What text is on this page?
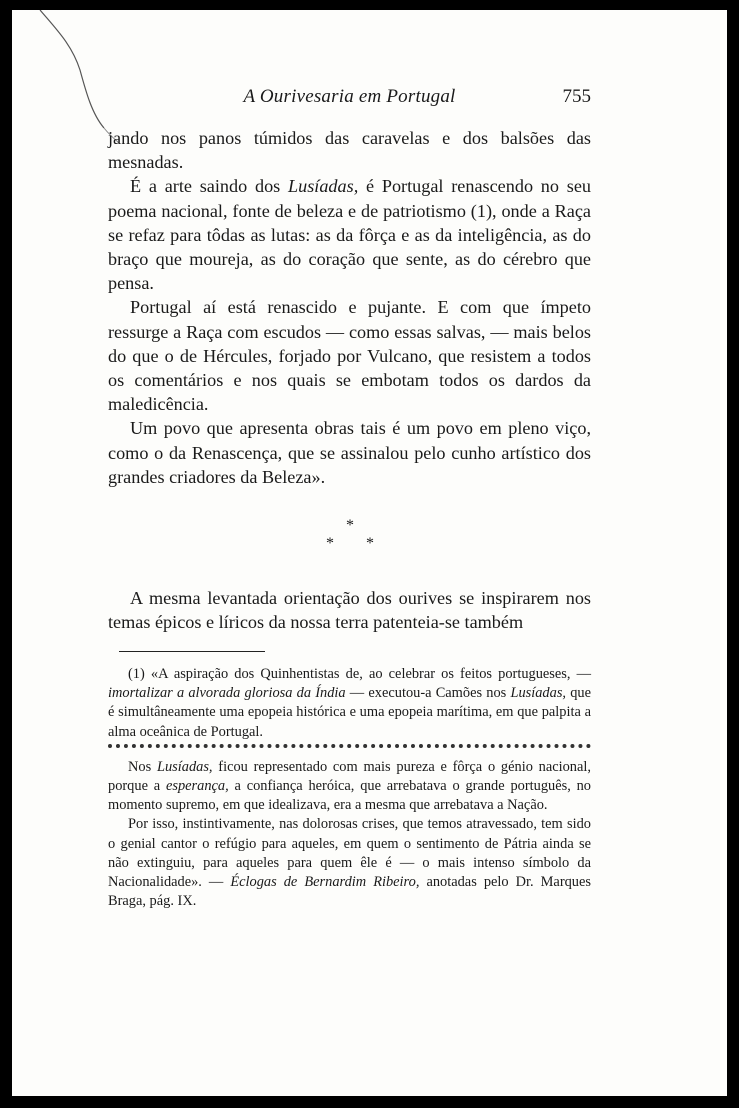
A Ourivesaria em Portugal	755

jando nos panos túmidos das caravelas e dos balsões das mesnadas.

É a arte saindo dos Lusíadas, é Portugal renascendo no seu poema nacional, fonte de beleza e de patriotismo (1), onde a Raça se refaz para tôdas as lutas: as da fôrça e as da inteligência, as do braço que moureja, as do coração que sente, as do cérebro que pensa.

Portugal aí está renascido e pujante. E com que ímpeto ressurge a Raça com escudos — como essas salvas, — mais belos do que o de Hércules, forjado por Vulcano, que resistem a todos os comentários e nos quais se embotam todos os dardos da maledicência.

Um povo que apresenta obras tais é um povo em pleno viço, como o da Renascença, que se assinalou pelo cunho artístico dos grandes criadores da Beleza».

*
* *

A mesma levantada orientação dos ourives se inspirarem nos temas épicos e líricos da nossa terra patenteia-se também

(1) «A aspiração dos Quinhentistas de, ao celebrar os feitos portugueses, — imortalizar a alvorada gloriosa da Índia — executou-a Camões nos Lusíadas, que é simultâneamente uma epopeia histórica e uma epopeia marítima, em que palpita a alma oceânica de Portugal.

Nos Lusíadas, ficou representado com mais pureza e fôrça o génio nacional, porque a esperança, a confiança heróica, que arrebatava o grande português, no momento supremo, em que idealizava, era a mesma que arrebatava a Nação.

Por isso, instintivamente, nas dolorosas crises, que temos atravessado, tem sido o genial cantor o refúgio para aqueles, em quem o sentimento de Pátria ainda se não extinguiu, para aqueles para quem êle é — o mais intenso símbolo da Nacionalidade». — Éclogas de Bernardim Ribeiro, anotadas pelo Dr. Marques Braga, pág. IX.
